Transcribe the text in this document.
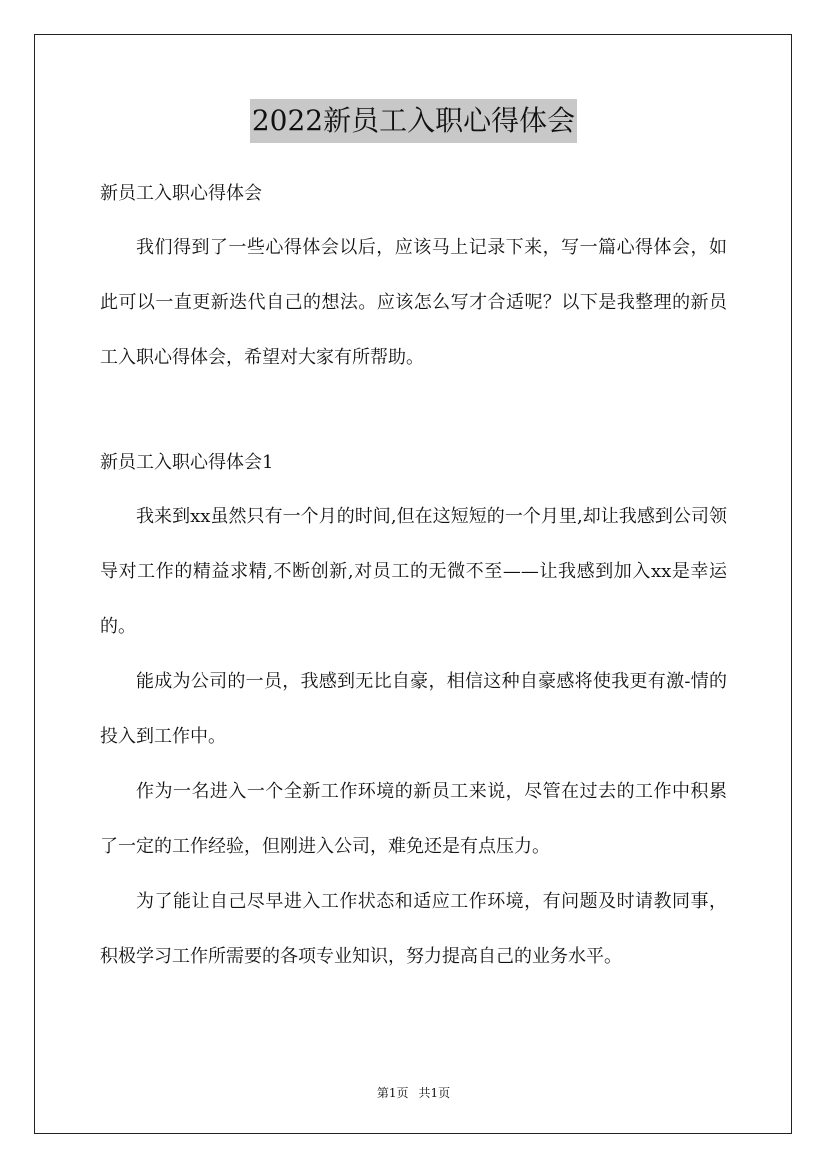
2022新员工入职心得体会

新员工入职心得体会

我们得到了一些心得体会以后，应该马上记录下来，写一篇心得体会，如此可以一直更新迭代自己的想法。应该怎么写才合适呢？以下是我整理的新员工入职心得体会，希望对大家有所帮助。

新员工入职心得体会1

我来到xx虽然只有一个月的时间,但在这短短的一个月里,却让我感到公司领导对工作的精益求精,不断创新,对员工的无微不至——让我感到加入xx是幸运的。

能成为公司的一员，我感到无比自豪，相信这种自豪感将使我更有激-情的投入到工作中。

作为一名进入一个全新工作环境的新员工来说，尽管在过去的工作中积累了一定的工作经验，但刚进入公司，难免还是有点压力。

为了能让自己尽早进入工作状态和适应工作环境，有问题及时请教同事，积极学习工作所需要的各项专业知识，努力提高自己的业务水平。

第1页 共1页
